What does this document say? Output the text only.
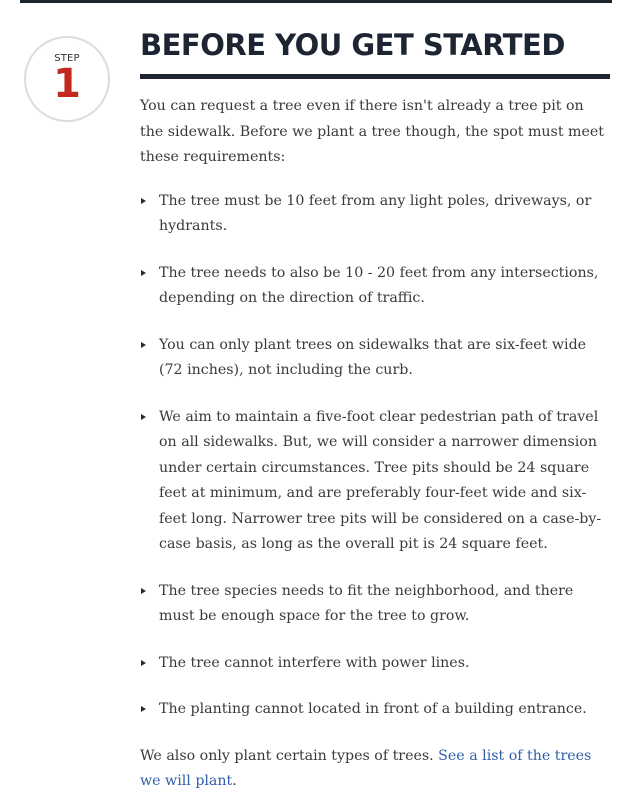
STEP
1
BEFORE YOU GET STARTED

You can request a tree even if there isn't already a tree pit on the sidewalk. Before we plant a tree though, the spot must meet these requirements:

The tree must be 10 feet from any light poles, driveways, or hydrants.
The tree needs to also be 10 - 20 feet from any intersections, depending on the direction of traffic.
You can only plant trees on sidewalks that are six-feet wide (72 inches), not including the curb.
We aim to maintain a five-foot clear pedestrian path of travel on all sidewalks. But, we will consider a narrower dimension under certain circumstances. Tree pits should be 24 square feet at minimum, and are preferably four-feet wide and six-feet long. Narrower tree pits will be considered on a case-by-case basis, as long as the overall pit is 24 square feet.
The tree species needs to fit the neighborhood, and there must be enough space for the tree to grow.
The tree cannot interfere with power lines.
The planting cannot located in front of a building entrance.

We also only plant certain types of trees. See a list of the trees we will plant.
